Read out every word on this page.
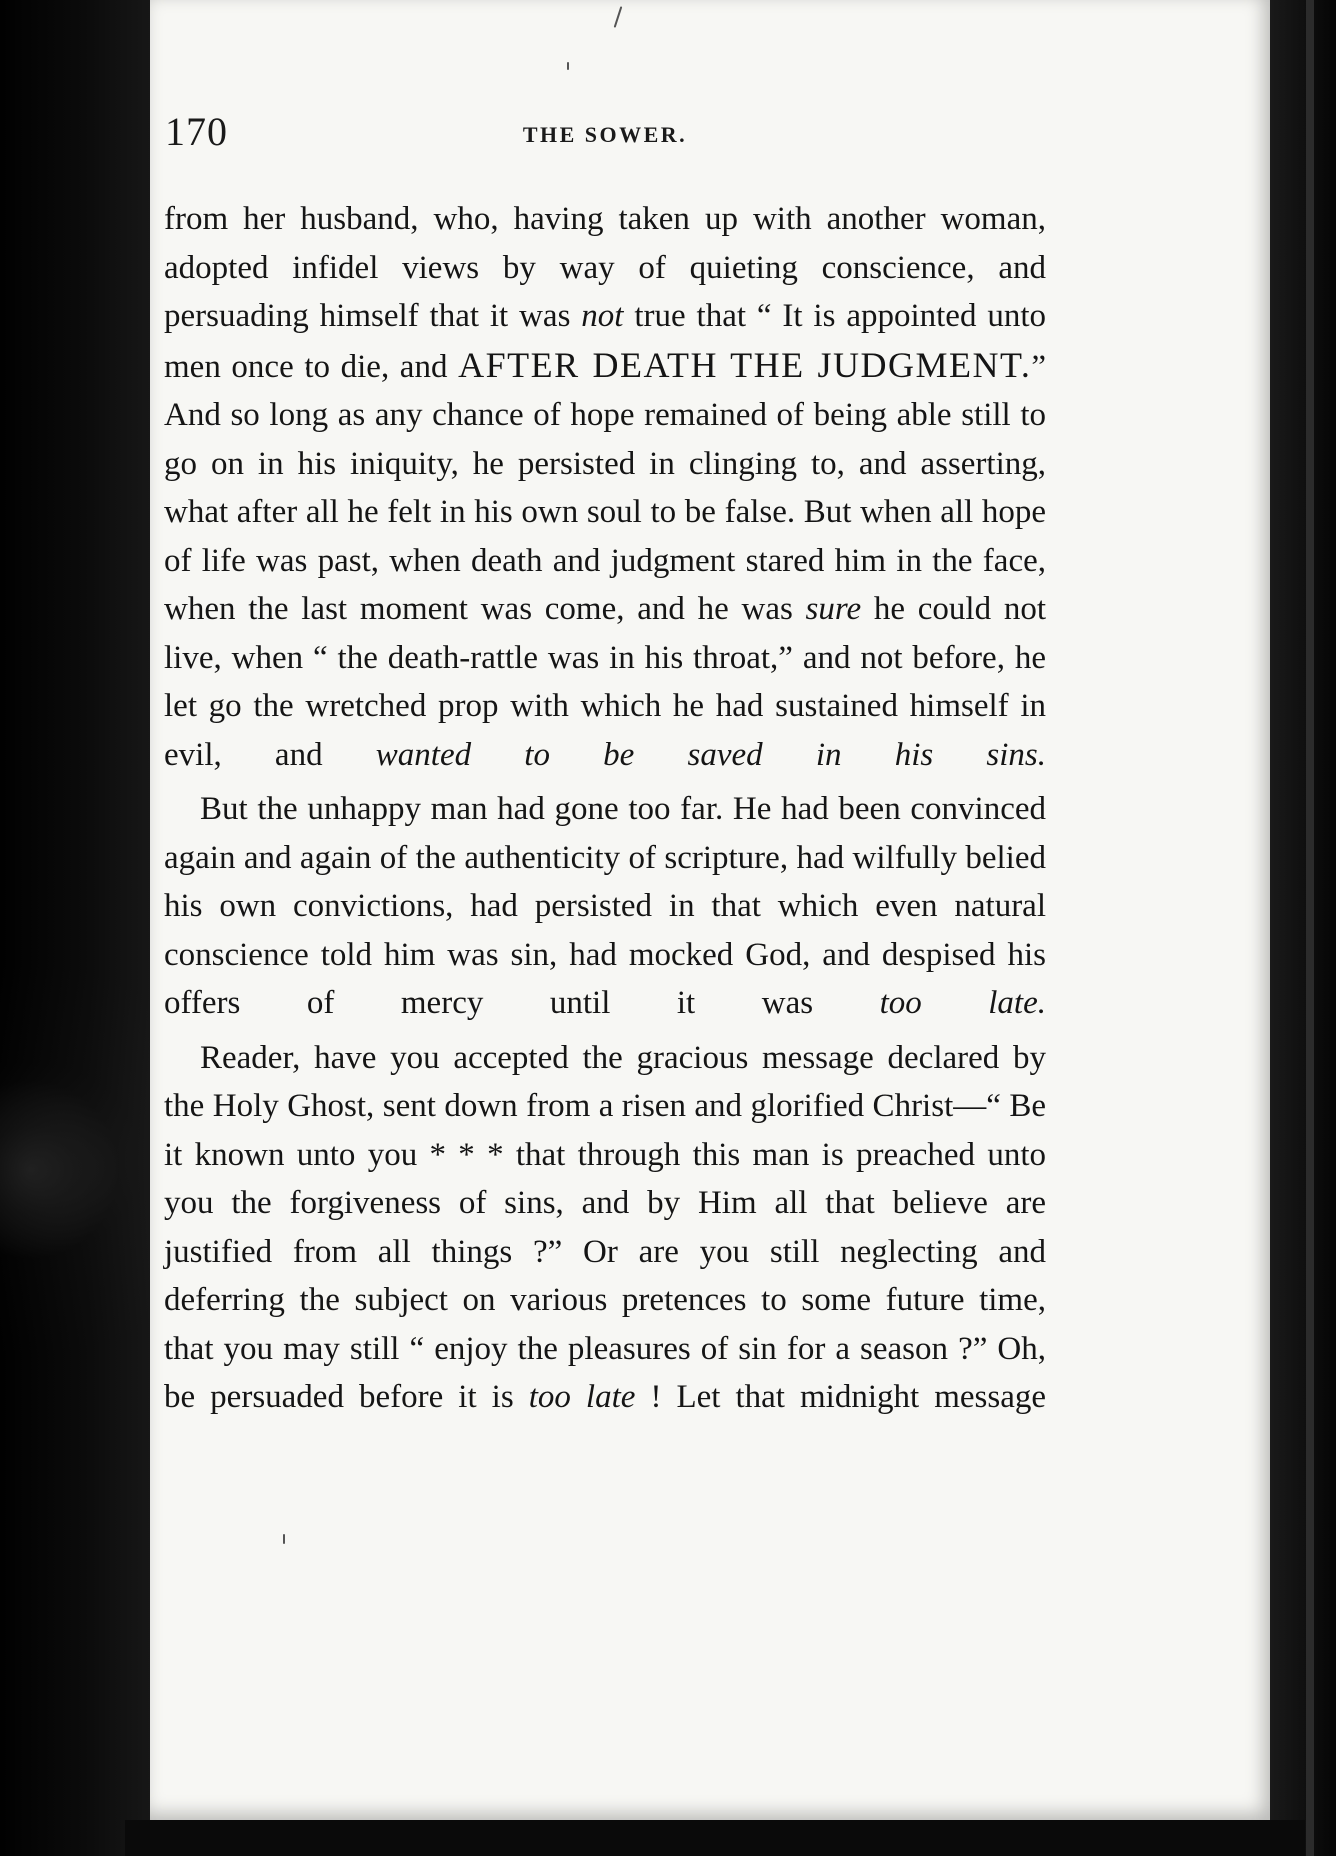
170	THE SOWER.

from her husband, who, having taken up with another woman, adopted infidel views by way of quieting conscience, and persuading himself that it was not true that “ It is appointed unto men once to die, and AFTER DEATH THE JUDGMENT.” And so long as any chance of hope remained of being able still to go on in his iniquity, he persisted in clinging to, and asserting, what after all he felt in his own soul to be false. But when all hope of life was past, when death and judgment stared him in the face, when the last moment was come, and he was sure he could not live, when “ the death-rattle was in his throat,” and not before, he let go the wretched prop with which he had sustained himself in evil, and wanted to be saved in his sins.

But the unhappy man had gone too far. He had been convinced again and again of the authenticity of scripture, had wilfully belied his own convictions, had persisted in that which even natural conscience told him was sin, had mocked God, and despised his offers of mercy until it was too late.

Reader, have you accepted the gracious message declared by the Holy Ghost, sent down from a risen and glorified Christ—“ Be it known unto you * * * that through this man is preached unto you the forgiveness of sins, and by Him all that believe are justified from all things ?” Or are you still neglecting and deferring the subject on various pretences to some future time, that you may still “ enjoy the pleasures of sin for a season ?” Oh, be persuaded before it is too late ! Let that midnight message
